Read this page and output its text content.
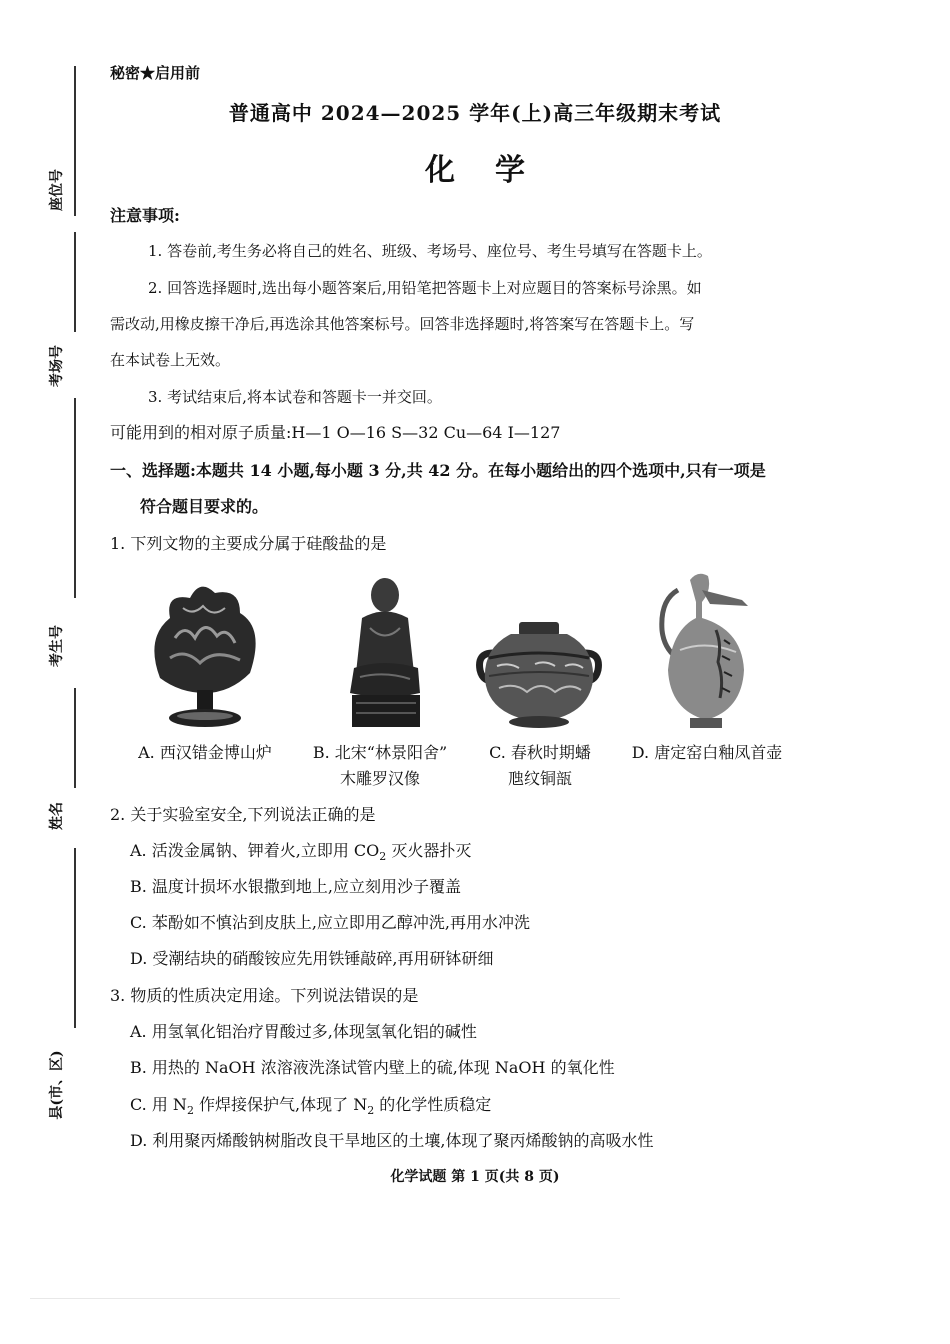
座位号
考场号
考生号
姓名
县(市、区)
秘密★启用前
普通高中 2024—2025 学年(上)高三年级期末考试
化学
注意事项:
1. 答卷前,考生务必将自己的姓名、班级、考场号、座位号、考生号填写在答题卡上。
2. 回答选择题时,选出每小题答案后,用铅笔把答题卡上对应题目的答案标号涂黑。如
需改动,用橡皮擦干净后,再选涂其他答案标号。回答非选择题时,将答案写在答题卡上。写
在本试卷上无效。
3. 考试结束后,将本试卷和答题卡一并交回。
可能用到的相对原子质量:H—1 O—16 S—32 Cu—64 I—127
一、选择题:本题共 14 小题,每小题 3 分,共 42 分。在每小题给出的四个选项中,只有一项是
符合题目要求的。
1. 下列文物的主要成分属于硅酸盐的是
A. 西汉错金博山炉	B. 北宋“林景阳舍”
木雕罗汉像
C. 春秋时期蟠
虺纹铜瓿
D. 唐定窑白釉凤首壶
2. 关于实验室安全,下列说法正确的是
A. 活泼金属钠、钾着火,立即用 $CO_2$ 灭火器扑灭
B. 温度计损坏水银撒到地上,应立刻用沙子覆盖
C. 苯酚如不慎沾到皮肤上,应立即用乙醇冲洗,再用水冲洗
D. 受潮结块的硝酸铵应先用铁锤敲碎,再用研钵研细
3. 物质的性质决定用途。下列说法错误的是
A. 用氢氧化铝治疗胃酸过多,体现氢氧化铝的碱性
B. 用热的 NaOH 浓溶液洗涤试管内壁上的硫,体现 NaOH 的氧化性
C. 用 $N_2$ 作焊接保护气,体现了 $N_2$ 的化学性质稳定
D. 利用聚丙烯酸钠树脂改良干旱地区的土壤,体现了聚丙烯酸钠的高吸水性
化学试题 第 1 页(共 8 页)
